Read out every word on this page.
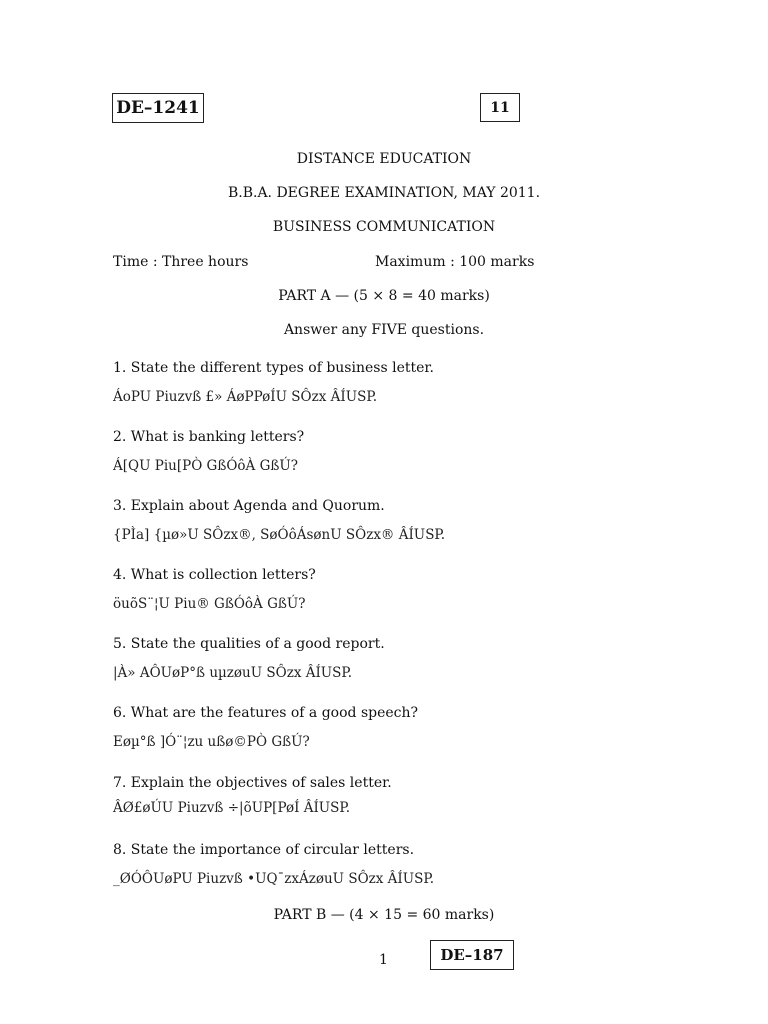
DE–1241	11
DISTANCE EDUCATION
B.B.A. DEGREE EXAMINATION, MAY 2011.
BUSINESS COMMUNICATION
Time : Three hours	Maximum : 100 marks
PART A — (5 × 8 = 40 marks)
Answer any FIVE questions.
1. State the different types of business letter.
ÁoPU Piuzvß £» ÁøPPøÍU SÔzx ÂÍUSP.
2. What is banking letters?
Á[QU Piu[PÒ GßÓôÀ GßÚ?
3. Explain about Agenda and Quorum.
{PÌa] {µø»U SÔzx®, SøÓôÁsønU SÔzx® ÂÍUSP.
4. What is collection letters?
öuõS¨¦U Piu® GßÓôÀ GßÚ?
5. State the qualities of a good report.
|À» AÔUøP°ß uµzøuU SÔzx ÂÍUSP.
6. What are the features of a good speech?
Eøµ°ß ]Ó¨¦zu ußø©PÒ GßÚ?
7. Explain the objectives of sales letter.
ÂØ£øÚU Piuzvß ÷|õUP[PøÍ ÂÍUSP.
8. State the importance of circular letters.
_ØÓÔUøPU Piuzvß •UQ¯zxÁzøuU SÔzx ÂÍUSP.
PART B — (4 × 15 = 60 marks)
1	DE–187
